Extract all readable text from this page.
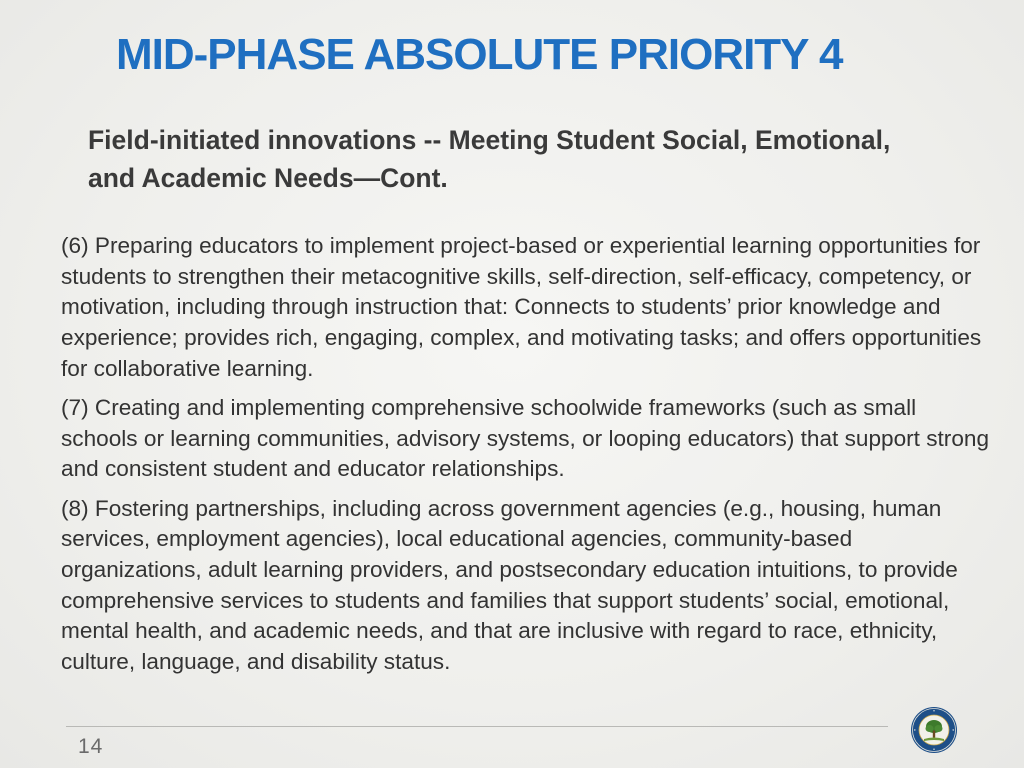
MID-PHASE ABSOLUTE PRIORITY 4
Field-initiated innovations -- Meeting Student Social, Emotional, and Academic Needs—Cont.

(6) Preparing educators to implement project-based or experiential learning opportunities for students to strengthen their metacognitive skills, self-direction, self-efficacy, competency, or motivation, including through instruction that: Connects to students’ prior knowledge and experience; provides rich, engaging, complex, and motivating tasks; and offers opportunities for collaborative learning.

(7) Creating and implementing comprehensive schoolwide frameworks (such as small schools or learning communities, advisory systems, or looping educators) that support strong and consistent student and educator relationships.

(8) Fostering partnerships, including across government agencies (e.g., housing, human services, employment agencies), local educational agencies, community-based organizations, adult learning providers, and postsecondary education intuitions, to provide comprehensive services to students and families that support students’ social, emotional, mental health, and academic needs, and that are inclusive with regard to race, ethnicity, culture, language, and disability status.

14
